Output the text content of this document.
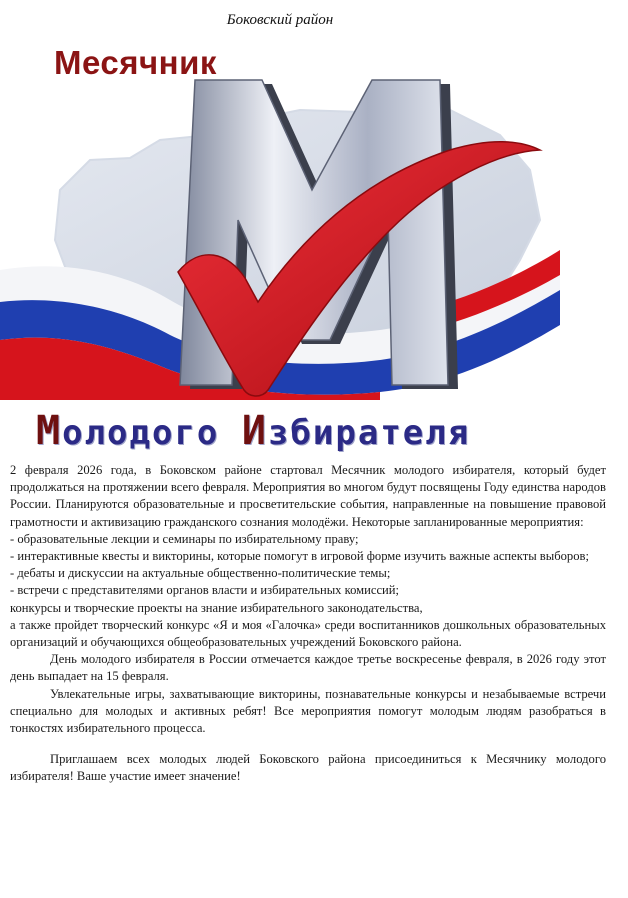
Боковский район
Месячник
Молодого Избирателя

2 февраля 2026 года, в Боковском районе стартовал Месячник молодого избирателя, который будет продолжаться на протяжении всего февраля. Мероприятия во многом будут посвящены Году единства народов России. Планируются образовательные и просветительские события, направленные на повышение правовой грамотности и активизацию гражданского сознания молодёжи. Некоторые запланированные мероприятия:

- образовательные лекции и семинары по избирательному праву;

- интерактивные квесты и викторины, которые помогут в игровой форме изучить важные аспекты выборов;

- дебаты и дискуссии на актуальные общественно-политические темы;

- встречи с представителями органов власти и избирательных комиссий;

конкурсы и творческие проекты на знание избирательного законодательства,

а также пройдет творческий конкурс «Я и моя «Галочка» среди воспитанников дошкольных образовательных организаций и обучающихся общеобразовательных учреждений Боковского района.

День молодого избирателя в России отмечается каждое третье воскресенье февраля, в 2026 году этот день выпадает на 15 февраля.

Увлекательные игры, захватывающие викторины, познавательные конкурсы и незабываемые встречи специально для молодых и активных ребят! Все мероприятия помогут молодым людям разобраться в тонкостях избирательного процесса.

Приглашаем всех молодых людей Боковского района присоединиться к Месячнику молодого избирателя! Ваше участие имеет значение!
